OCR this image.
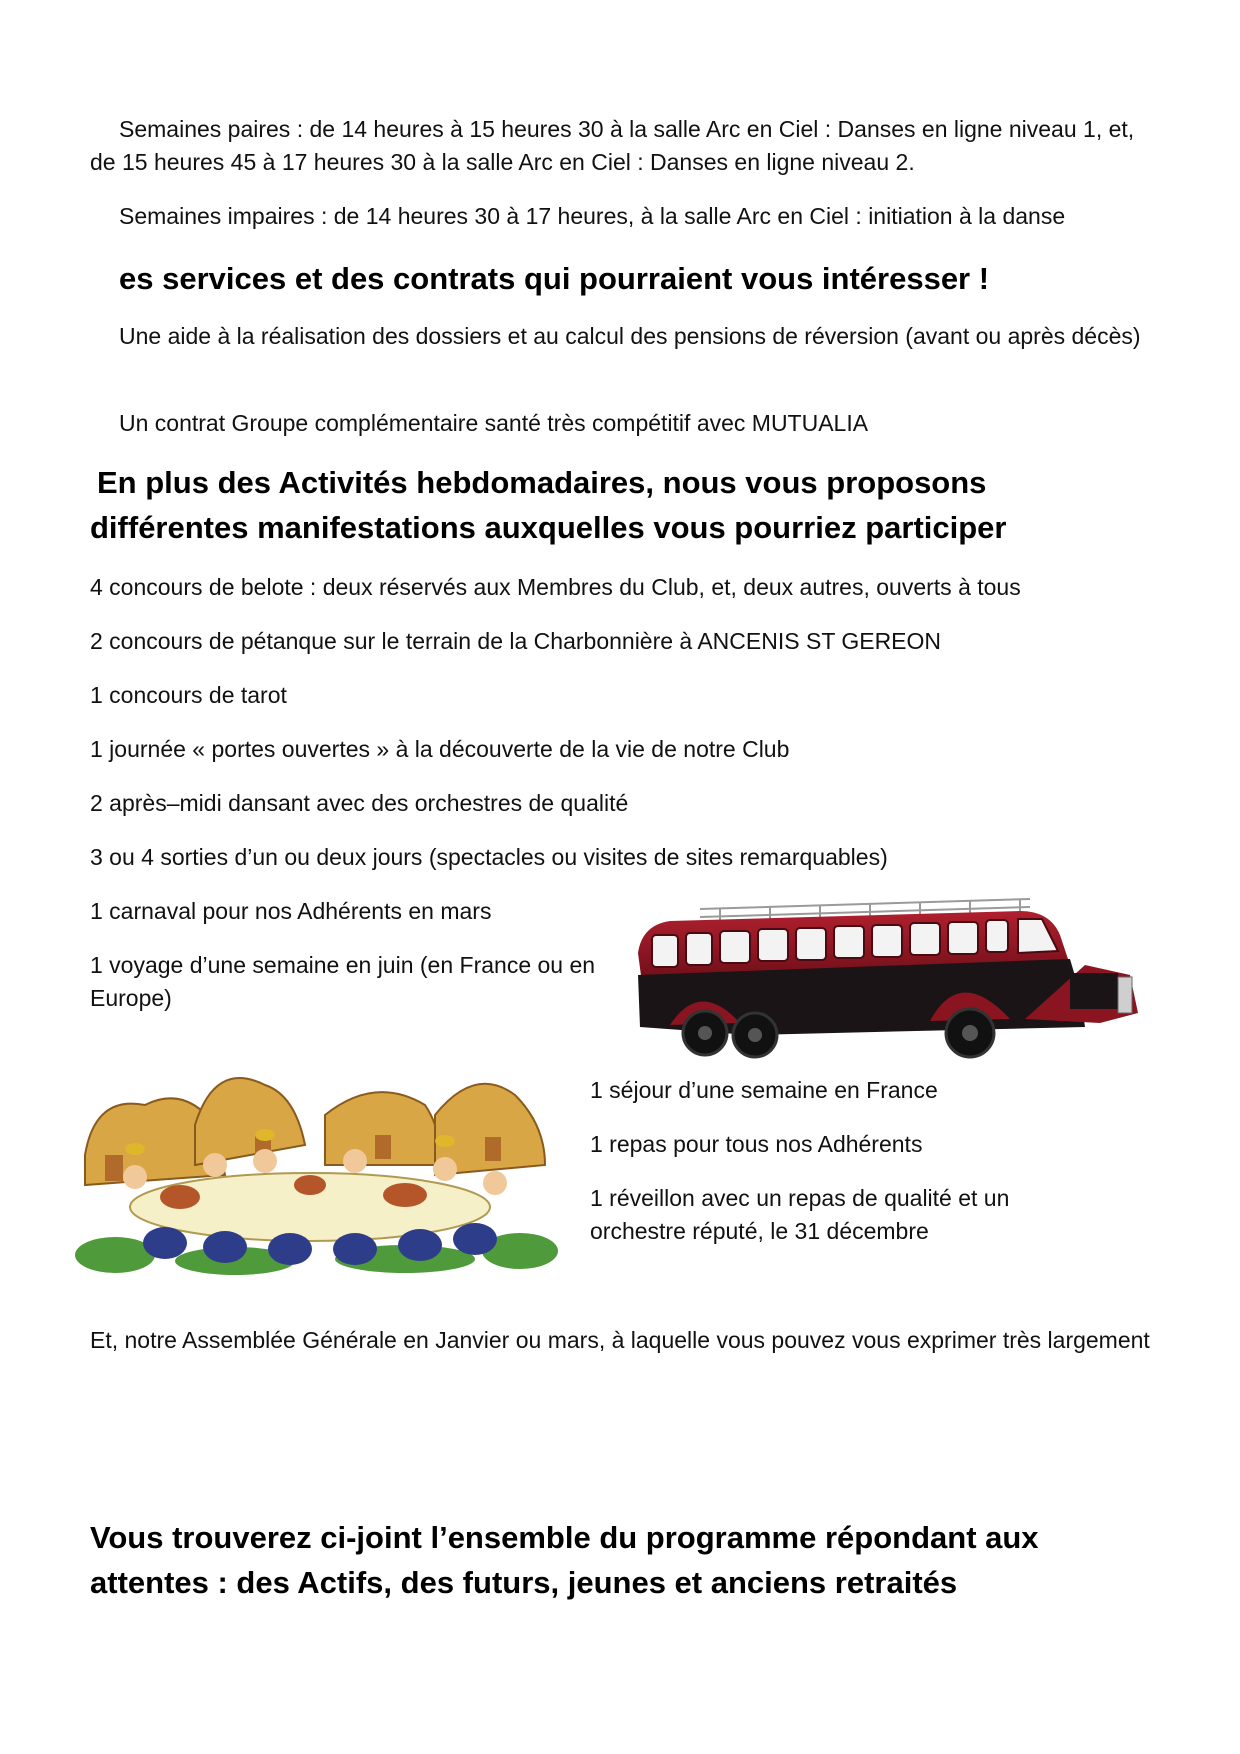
Semaines paires : de 14 heures à 15 heures 30 à la salle Arc en Ciel : Danses en ligne niveau 1, et, de 15 heures 45 à 17 heures 30 à la salle Arc en Ciel : Danses en ligne niveau 2.

Semaines impaires : de 14 heures 30 à 17 heures, à la salle Arc en Ciel : initiation à la danse

es services et des contrats qui pourraient vous intéresser !

Une aide à la réalisation des dossiers et au calcul des pensions de réversion (avant ou après décès)

Un contrat Groupe complémentaire santé très compétitif avec MUTUALIA

En plus des Activités hebdomadaires, nous vous proposons différentes manifestations auxquelles vous pourriez participer

4 concours de belote : deux réservés aux Membres du Club, et, deux autres, ouverts à tous

2 concours de pétanque sur le terrain de la Charbonnière à ANCENIS ST GEREON

1 concours de tarot

1 journée « portes ouvertes » à la découverte de la vie de notre Club

2 après–midi dansant avec des orchestres de qualité

3 ou 4 sorties d’un ou deux jours (spectacles ou visites de sites remarquables)

1 carnaval pour nos Adhérents en mars

1 voyage d’une semaine en juin (en France ou en Europe)

1 séjour d’une semaine en France

1 repas pour tous nos Adhérents

1 réveillon avec un repas de qualité et un orchestre réputé, le 31 décembre

Et, notre Assemblée Générale en Janvier ou mars, à laquelle vous pouvez vous exprimer très largement

Vous trouverez ci-joint l’ensemble du programme répondant aux attentes : des Actifs, des futurs, jeunes et anciens retraités
